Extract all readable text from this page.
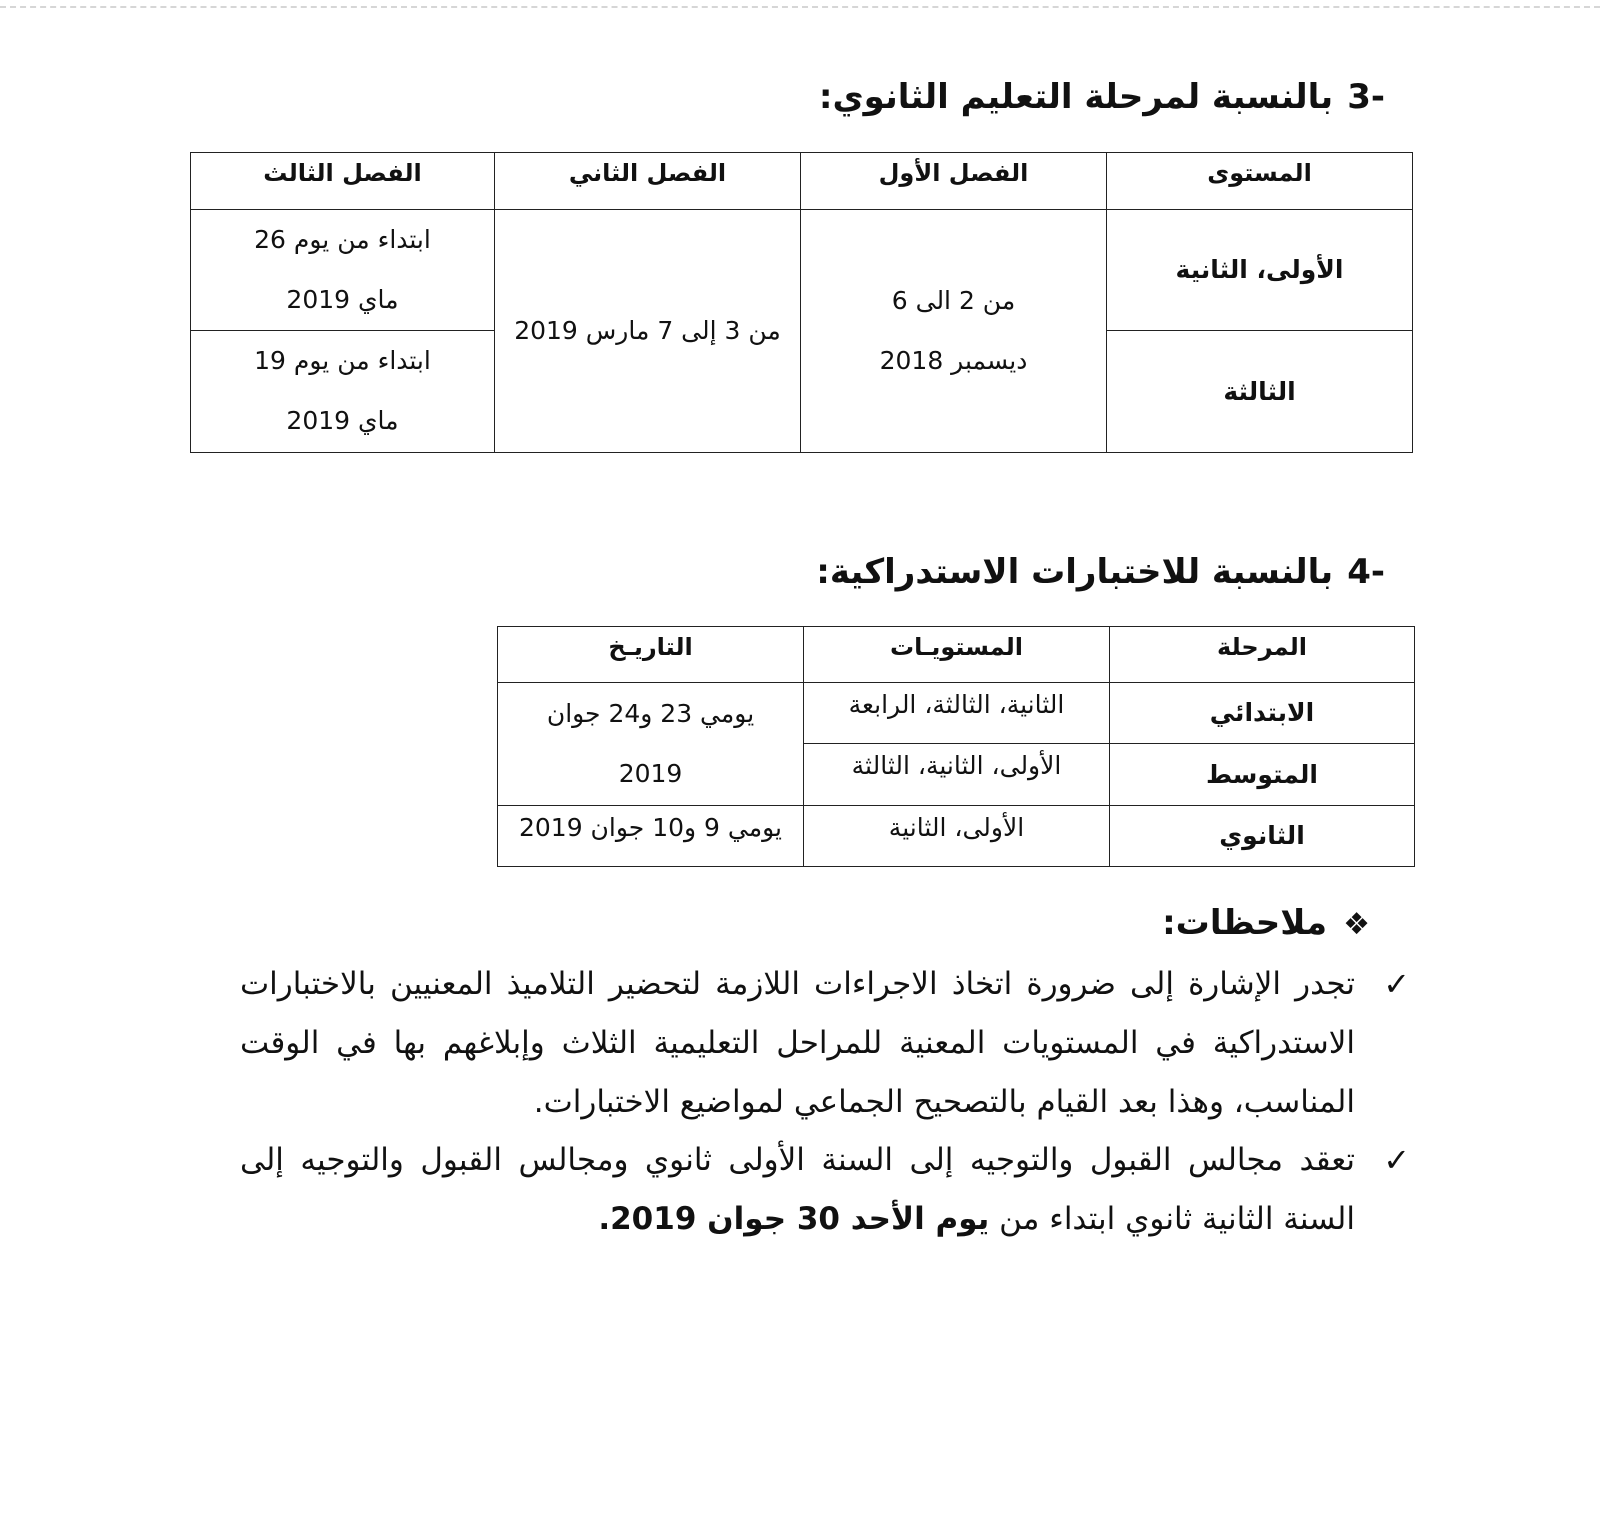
-3بالنسبة لمرحلة التعليم الثانوي:
المستوى	الفصل الأول	الفصل الثاني	الفصل الثالث
الأولى، الثانية	من 2 الى 6 ديسمبر 2018	من 3 إلى 7 مارس 2019	ابتداء من يوم 26 ماي 2019
الثالثة			ابتداء من يوم 19 ماي 2019
-4بالنسبة للاختبارات الاستدراكية:
المرحلة	المستويـات	التاريـخ
الابتدائي	الثانية، الثالثة، الرابعة	يومي 23 و24 جوان 2019
المتوسط	الأولى، الثانية، الثالثة	
الثانوي	الأولى، الثانية	يومي 9 و10 جوان 2019
❖ملاحظات:
✓

تجدر الإشارة إلى ضرورة اتخاذ الاجراءات اللازمة لتحضير التلاميذ المعنيين بالاختبارات الاستدراكية في المستويات المعنية للمراحل التعليمية الثلاث وإبلاغهم بها في الوقت المناسب، وهذا بعد القيام بالتصحيح الجماعي لمواضيع الاختبارات.

✓

تعقد مجالس القبول والتوجيه إلى السنة الأولى ثانوي ومجالس القبول والتوجيه إلى السنة الثانية ثانوي ابتداء من يوم الأحد 30 جوان 2019.
